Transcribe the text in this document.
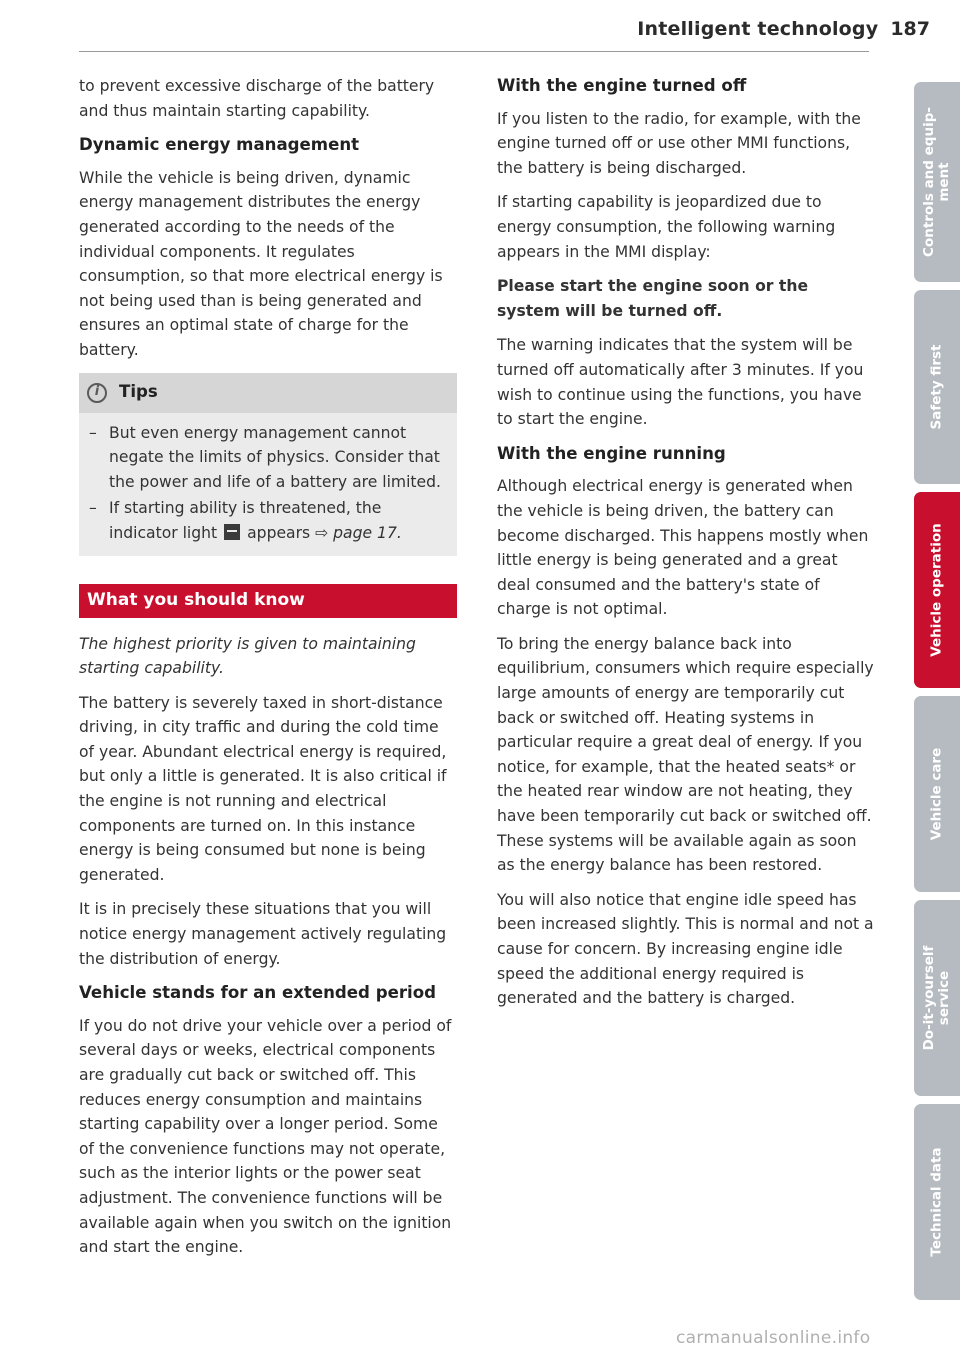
Intelligent technology 187

to prevent excessive discharge of the battery and thus maintain starting capability.

Dynamic energy management

While the vehicle is being driven, dynamic energy management distributes the energy generated according to the needs of the individual components. It regulates consumption, so that more electrical energy is not being used than is being generated and ensures an optimal state of charge for the battery.

i	Tips
– But even energy management cannot negate the limits of physics. Consider that the power and life of a battery are limited.
– If starting ability is threatened, the indicator light appears ⇨ page 17.
What you should know

The highest priority is given to maintaining starting capability.

The battery is severely taxed in short-distance driving, in city traffic and during the cold time of year. Abundant electrical energy is required, but only a little is generated. It is also critical if the engine is not running and electrical components are turned on. In this instance energy is being consumed but none is being generated.

It is in precisely these situations that you will notice energy management actively regulating the distribution of energy.

Vehicle stands for an extended period

If you do not drive your vehicle over a period of several days or weeks, electrical components are gradually cut back or switched off. This reduces energy consumption and maintains starting capability over a longer period. Some of the convenience functions may not operate, such as the interior lights or the power seat adjustment. The convenience functions will be available again when you switch on the ignition and start the engine.

With the engine turned off

If you listen to the radio, for example, with the engine turned off or use other MMI functions, the battery is being discharged.

If starting capability is jeopardized due to energy consumption, the following warning appears in the MMI display:

Please start the engine soon or the system will be turned off.

The warning indicates that the system will be turned off automatically after 3 minutes. If you wish to continue using the functions, you have to start the engine.

With the engine running

Although electrical energy is generated when the vehicle is being driven, the battery can become discharged. This happens mostly when little energy is being generated and a great deal consumed and the battery's state of charge is not optimal.

To bring the energy balance back into equilibrium, consumers which require especially large amounts of energy are temporarily cut back or switched off. Heating systems in particular require a great deal of energy. If you notice, for example, that the heated seats* or the heated rear window are not heating, they have been temporarily cut back or switched off. These systems will be available again as soon as the energy balance has been restored.

You will also notice that engine idle speed has been increased slightly. This is normal and not a cause for concern. By increasing engine idle speed the additional energy required is generated and the battery is charged.

Controls and equip-
ment
Safety first
Vehicle operation
Vehicle care
Do-it-yourself
service
Technical data
carmanualsonline.info
